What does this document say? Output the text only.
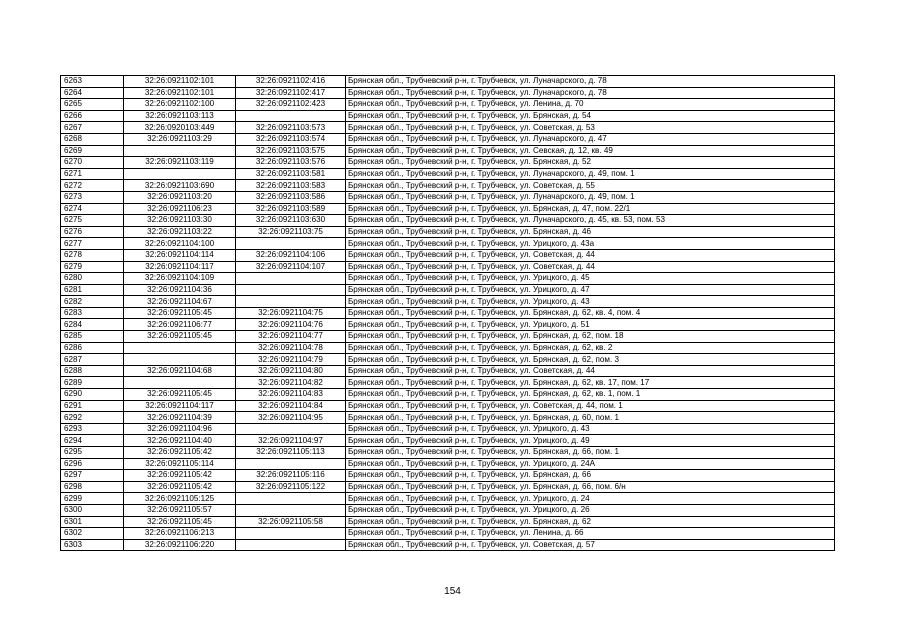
6263	32:26:0921102:101	32:26:0921102:416	Брянская обл., Трубчевский р-н, г. Трубчевск, ул. Луначарского, д. 78
6264	32:26:0921102:101	32:26:0921102:417	Брянская обл., Трубчевский р-н, г. Трубчевск, ул. Луначарского, д. 78
6265	32:26:0921102:100	32:26:0921102:423	Брянская обл., Трубчевский р-н, г. Трубчевск, ул. Ленина, д. 70
6266	32:26:0921103:113		Брянская обл., Трубчевский р-н, г. Трубчевск, ул. Брянская, д. 54
6267	32:26:0920103:449	32:26:0921103:573	Брянская обл., Трубчевский р-н, г. Трубчевск, ул. Советская, д. 53
6268	32:26:0921103:29	32:26:0921103:574	Брянская обл., Трубчевский р-н, г. Трубчевск, ул. Луначарского, д. 47
6269		32:26:0921103:575	Брянская обл., Трубчевский р-н, г. Трубчевск, ул. Севская, д. 12, кв. 49
6270	32:26:0921103:119	32:26:0921103:576	Брянская обл., Трубчевский р-н, г. Трубчевск, ул. Брянская, д. 52
6271		32:26:0921103:581	Брянская обл., Трубчевский р-н, г. Трубчевск, ул. Луначарского, д. 49, пом. 1
6272	32:26:0921103:690	32:26:0921103:583	Брянская обл., Трубчевский р-н, г. Трубчевск, ул. Советская, д. 55
6273	32:26:0921103:20	32:26:0921103:586	Брянская обл., Трубчевский р-н, г. Трубчевск, ул. Луначарского, д. 49, пом. 1
6274	32:26:0921106:23	32:26:0921103:589	Брянская обл., Трубчевский р-н, г. Трубчевск, ул. Брянская, д. 47, пом. 22/1
6275	32:26:0921103:30	32:26:0921103:630	Брянская обл., Трубчевский р-н, г. Трубчевск, ул. Луначарского, д. 45, кв. 53, пом. 53
6276	32:26:0921103:22	32:26:0921103:75	Брянская обл., Трубчевский р-н, г. Трубчевск, ул. Брянская, д. 46
6277	32:26:0921104:100		Брянская обл., Трубчевский р-н, г. Трубчевск, ул. Урицкого, д. 43а
6278	32:26:0921104:114	32:26:0921104:106	Брянская обл., Трубчевский р-н, г. Трубчевск, ул. Советская, д. 44
6279	32:26:0921104:117	32:26:0921104:107	Брянская обл., Трубчевский р-н, г. Трубчевск, ул. Советская, д. 44
6280	32:26:0921104:109		Брянская обл., Трубчевский р-н, г. Трубчевск, ул. Урицкого, д. 45
6281	32:26:0921104:36		Брянская обл., Трубчевский р-н, г. Трубчевск, ул. Урицкого, д. 47
6282	32:26:0921104:67		Брянская обл., Трубчевский р-н, г. Трубчевск, ул. Урицкого, д. 43
6283	32:26:0921105:45	32:26:0921104:75	Брянская обл., Трубчевский р-н, г. Трубчевск, ул. Брянская, д. 62, кв. 4, пом. 4
6284	32:26:0921106:77	32:26:0921104:76	Брянская обл., Трубчевский р-н, г. Трубчевск, ул. Урицкого, д. 51
6285	32:26:0921105:45	32:26:0921104:77	Брянская обл., Трубчевский р-н, г. Трубчевск, ул. Брянская, д. 62, пом. 18
6286		32:26:0921104:78	Брянская обл., Трубчевский р-н, г. Трубчевск, ул. Брянская, д. 62, кв. 2
6287		32:26:0921104:79	Брянская обл., Трубчевский р-н, г. Трубчевск, ул. Брянская, д. 62, пом. 3
6288	32:26:0921104:68	32:26:0921104:80	Брянская обл., Трубчевский р-н, г. Трубчевск, ул. Советская, д. 44
6289		32:26:0921104:82	Брянская обл., Трубчевский р-н, г. Трубчевск, ул. Брянская, д. 62, кв. 17, пом. 17
6290	32:26:0921105:45	32:26:0921104:83	Брянская обл., Трубчевский р-н, г. Трубчевск, ул. Брянская, д. 62, кв. 1, пом. 1
6291	32:26:0921104:117	32:26:0921104:84	Брянская обл., Трубчевский р-н, г. Трубчевск, ул. Советская, д. 44, пом. 1
6292	32:26:0921104:39	32:26:0921104:95	Брянская обл., Трубчевский р-н, г. Трубчевск, ул. Брянская, д. 60, пом. 1
6293	32:26:0921104:96		Брянская обл., Трубчевский р-н, г. Трубчевск, ул. Урицкого, д. 43
6294	32:26:0921104:40	32:26:0921104:97	Брянская обл., Трубчевский р-н, г. Трубчевск, ул. Урицкого, д. 49
6295	32:26:0921105:42	32:26:0921105:113	Брянская обл., Трубчевский р-н, г. Трубчевск, ул. Брянская, д. 66, пом. 1
6296	32:26:0921105:114		Брянская обл., Трубчевский р-н, г. Трубчевск, ул. Урицкого, д. 24А
6297	32:26:0921105:42	32:26:0921105:116	Брянская обл., Трубчевский р-н, г. Трубчевск, ул. Брянская, д. 66
6298	32:26:0921105:42	32:26:0921105:122	Брянская обл., Трубчевский р-н, г. Трубчевск, ул. Брянская, д. 66, пом. 6/н
6299	32:26:0921105:125		Брянская обл., Трубчевский р-н, г. Трубчевск, ул. Урицкого, д. 24
6300	32:26:0921105:57		Брянская обл., Трубчевский р-н, г. Трубчевск, ул. Урицкого, д. 26
6301	32:26:0921105:45	32:26:0921105:58	Брянская обл., Трубчевский р-н, г. Трубчевск, ул. Брянская, д. 62
6302	32:26:0921106:213		Брянская обл., Трубчевский р-н, г. Трубчевск, ул. Ленина, д. 66
6303	32:26:0921106:220		Брянская обл., Трубчевский р-н, г. Трубчевск, ул. Советская, д. 57
154
